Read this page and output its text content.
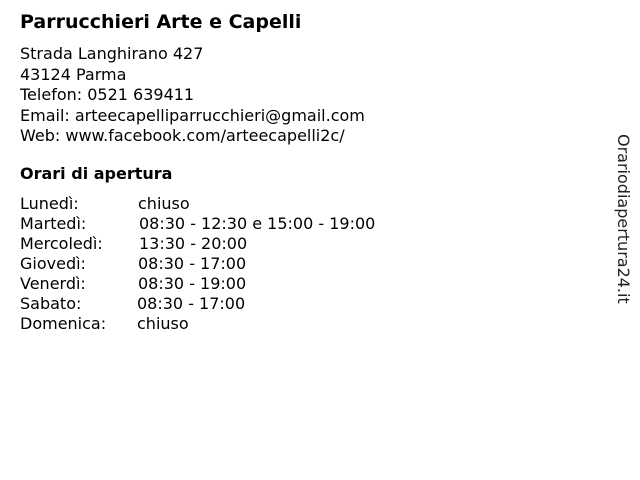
Parrucchieri Arte e Capelli
Strada Langhirano 427
43124 Parma
Telefon: 0521 639411
Email: arteecapelliparrucchieri@gmail.com
Web: www.facebook.com/arteecapelli2c/
Orari di apertura
Lunedì:	chiuso
Martedì:	08:30 - 12:30 e 15:00 - 19:00
Mercoledì: 13:30 - 20:00
Giovedì:	08:30 - 17:00
Venerdì:	08:30 - 19:00
Sabato:	08:30 - 17:00
Domenica: chiuso
Orariodiapertura24.it
